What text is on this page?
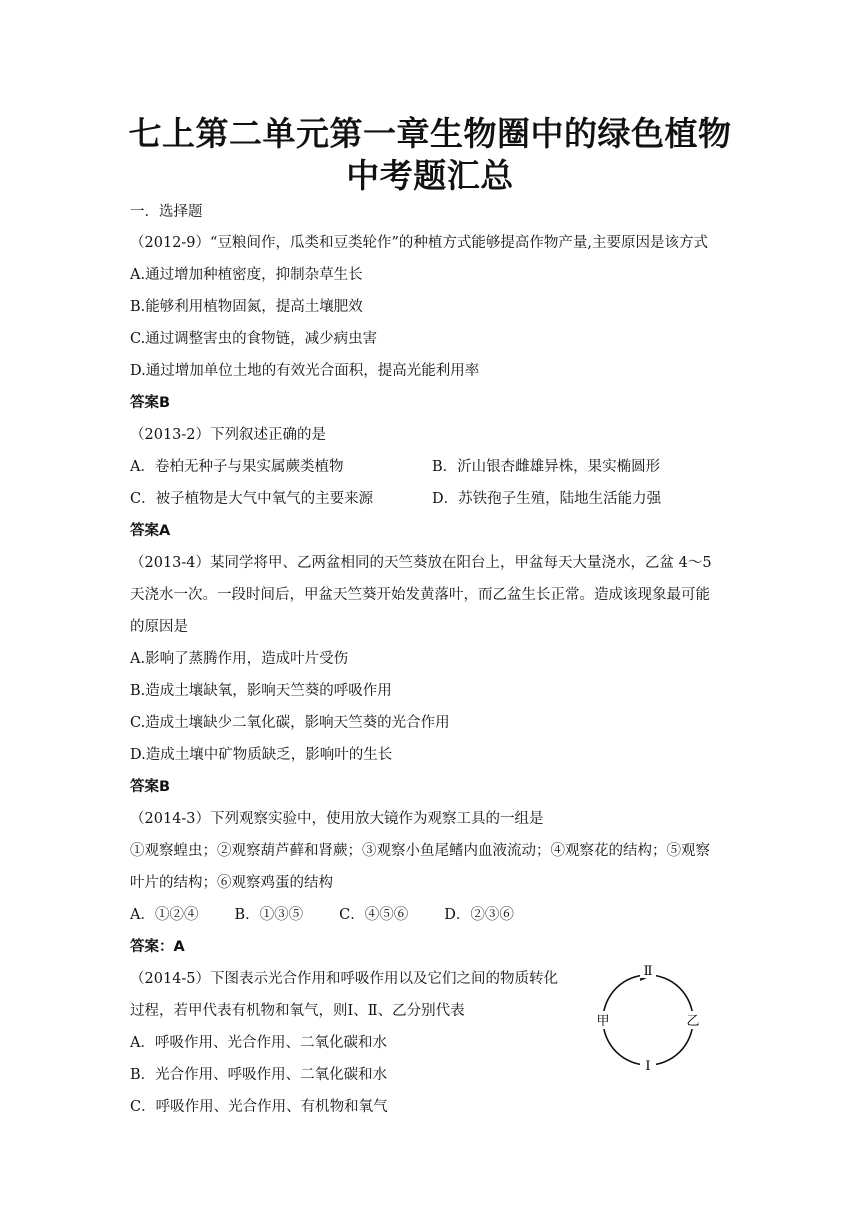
七上第二单元第一章生物圈中的绿色植物
中考题汇总
一．选择题
（2012-9）“豆粮间作，瓜类和豆类轮作”的种植方式能够提高作物产量,主要原因是该方式
A.通过增加种植密度，抑制杂草生长
B.能够利用植物固氮，提高土壤肥效
C.通过调整害虫的食物链，减少病虫害
D.通过增加单位土地的有效光合面积，提高光能利用率
答案B
（2013-2）下列叙述正确的是
A．卷柏无种子与果实属蕨类植物	B．沂山银杏雌雄异株，果实椭圆形
C．被子植物是大气中氧气的主要来源	D．苏铁孢子生殖，陆地生活能力强
答案A
（2013-4）某同学将甲、乙两盆相同的天竺葵放在阳台上，甲盆每天大量浇水，乙盆 4～5
天浇水一次。一段时间后，甲盆天竺葵开始发黄落叶，而乙盆生长正常。造成该现象最可能
的原因是
A.影响了蒸腾作用，造成叶片受伤
B.造成土壤缺氧，影响天竺葵的呼吸作用
C.造成土壤缺少二氧化碳，影响天竺葵的光合作用
D.造成土壤中矿物质缺乏，影响叶的生长
答案B
（2014-3）下列观察实验中，使用放大镜作为观察工具的一组是
①观察蝗虫；②观察葫芦藓和肾蕨；③观察小鱼尾鳍内血液流动；④观察花的结构；⑤观察
叶片的结构；⑥观察鸡蛋的结构
A．①②④ B．①③⑤ C．④⑤⑥ D．②③⑥
答案：A
（2014-5）下图表示光合作用和呼吸作用以及它们之间的物质转化
过程，若甲代表有机物和氧气，则Ⅰ、Ⅱ、乙分别代表
A．呼吸作用、光合作用、二氧化碳和水
B．光合作用、呼吸作用、二氧化碳和水
C．呼吸作用、光合作用、有机物和氧气
Ⅱ
Ⅰ
甲	乙
